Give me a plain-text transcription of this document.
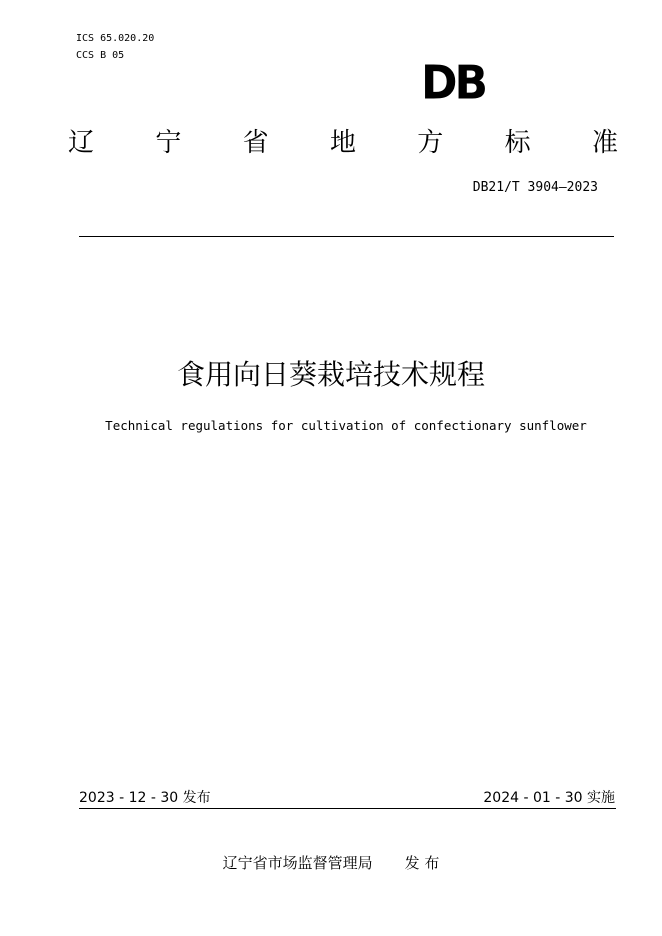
ICS 65.020.20
CCS B 05
DB
辽 宁 省 地 方 标 准
DB21/T 3904—2023
食用向日葵栽培技术规程
Technical regulations for cultivation of confectionary sunflower
2023 - 12 - 30 发布	2024 - 01 - 30 实施
辽宁省市场监督管理局 发 布
